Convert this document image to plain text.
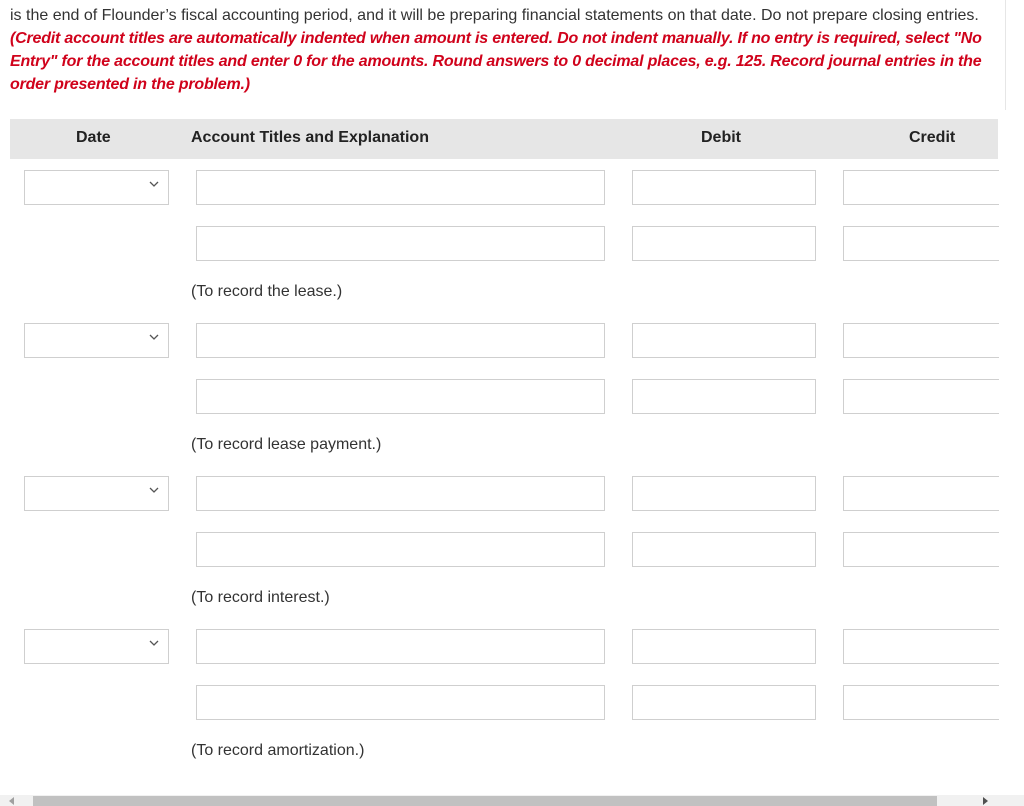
is the end of Flounder’s fiscal accounting period, and it will be preparing financial statements on that date. Do not prepare closing entries. (Credit account titles are automatically indented when amount is entered. Do not indent manually. If no entry is required, select "No Entry" for the account titles and enter 0 for the amounts. Round answers to 0 decimal places, e.g. 125. Record journal entries in the order presented in the problem.)
Date	Account Titles and Explanation	Debit	Credit
(To record the lease.)
(To record lease payment.)
(To record interest.)
(To record amortization.)
